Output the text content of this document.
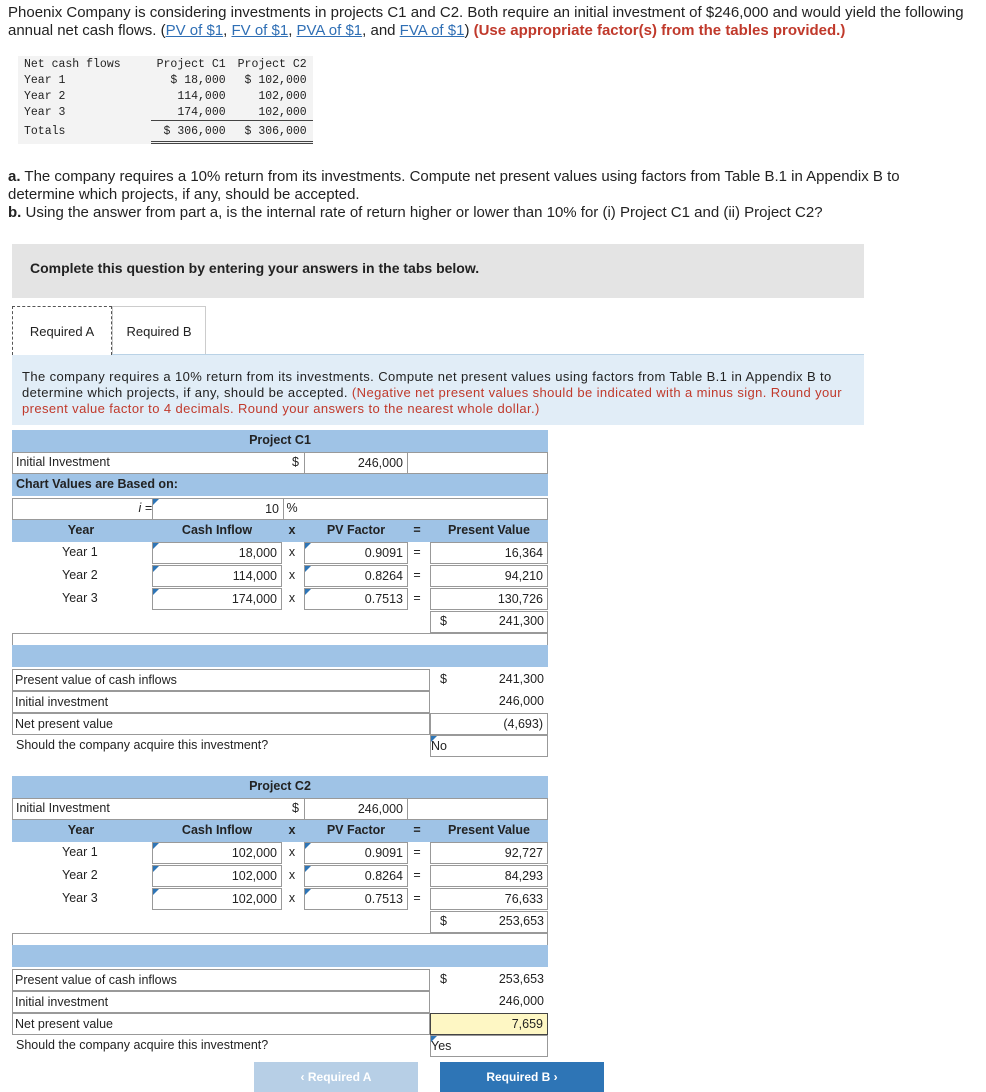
Phoenix Company is considering investments in projects C1 and C2. Both require an initial investment of $246,000 and would yield the following annual net cash flows. (PV of $1, FV of $1, PVA of $1, and FVA of $1) (Use appropriate factor(s) from the tables provided.)
Net cash flows	Project C1	Project C2
Year 1	$ 18,000	$ 102,000
Year 2	114,000	102,000
Year 3	174,000	102,000
Totals	$ 306,000	$ 306,000
a. The company requires a 10% return from its investments. Compute net present values using factors from Table B.1 in Appendix B to determine which projects, if any, should be accepted.
b. Using the answer from part a, is the internal rate of return higher or lower than 10% for (i) Project C1 and (ii) Project C2?
Complete this question by entering your answers in the tabs below.
Required A	Required B

The company requires a 10% return from its investments. Compute net present values using factors from Table B.1 in Appendix B to determine which projects, if any, should be accepted. (Negative net present values should be indicated with a minus sign. Round your present value factor to 4 decimals. Round your answers to the nearest whole dollar.)

Project C1
Initial Investment	$	246,000
Chart Values are Based on:
i =	10 %
Year	Cash Inflow	x	PV Factor	=	Present Value
Year 1	18,000 x	0.9091 =	16,364
Year 2	114,000 x	0.8264 =	94,210
Year 3	174,000 x	0.7513 =	130,726
$	241,300
Present value of cash inflows	$	241,300
Initial investment	246,000
Net present value	(4,693)
Should the company acquire this investment?	No
Project C2
Initial Investment	$	246,000
Year	Cash Inflow	x	PV Factor	=	Present Value
Year 1	102,000 x	0.9091 =	92,727
Year 2	102,000 x	0.8264 =	84,293
Year 3	102,000 x	0.7513 =	76,633
$	253,653
Present value of cash inflows	$	253,653
Initial investment	246,000
Net present value	7,659
Should the company acquire this investment?	Yes
‹ Required A	Required B ›
